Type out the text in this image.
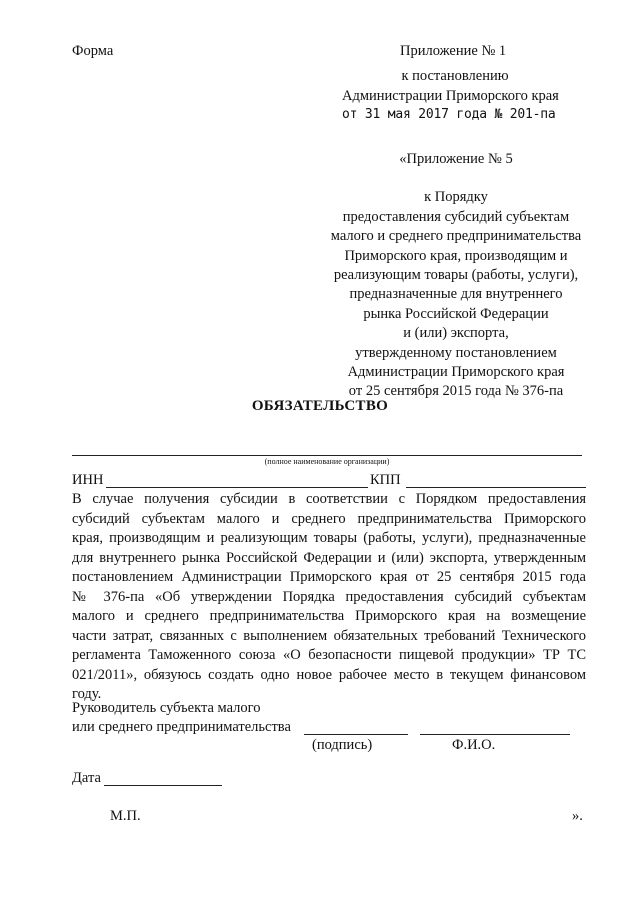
Форма	Приложение № 1
к постановлению
Администрации Приморского края
от 31 мая 2017 года № 201-па
«Приложение № 5
к Порядку
предоставления субсидий субъектам
малого и среднего предпринимательства
Приморского края, производящим и
реализующим товары (работы, услуги),
предназначенные для внутреннего
рынка Российской Федерации
и (или) экспорта,
утвержденному постановлением
Администрации Приморского края
от 25 сентября 2015 года № 376-па
ОБЯЗАТЕЛЬСТВО
(полное наименование организации)
ИНН	КПП
В случае получения субсидии в соответствии с Порядком предоставления
субсидий субъектам малого и среднего предпринимательства Приморского
края, производящим и реализующим товары (работы, услуги), предназначенные
для внутреннего рынка Российской Федерации и (или) экспорта, утвержденным
постановлением Администрации Приморского края от 25 сентября 2015 года
№ 376-па «Об утверждении Порядка предоставления субсидий субъектам
малого и среднего предпринимательства Приморского края на возмещение
части затрат, связанных с выполнением обязательных требований Технического
регламента Таможенного союза «О безопасности пищевой продукции» ТР ТС
021/2011», обязуюсь создать одно новое рабочее место в текущем финансовом
году.
Руководитель субъекта малого
или среднего предпринимательства
(подпись)	Ф.И.О.
Дата
М.П.	».
